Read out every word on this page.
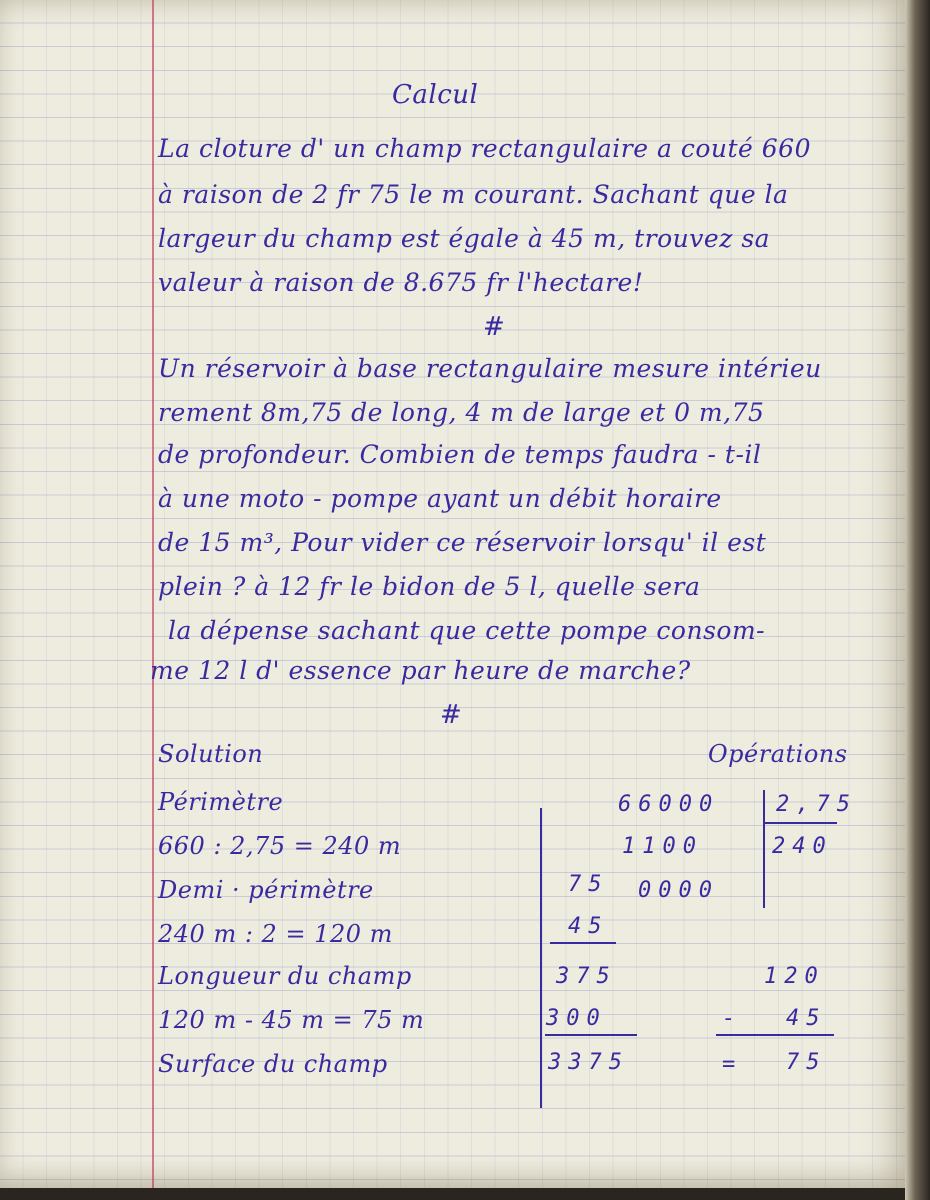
Calcul
La cloture d' un champ rectangulaire a couté 660
à raison de 2 fr 75 le m courant. Sachant que la
largeur du champ est égale à 45 m, trouvez sa
valeur à raison de 8.675 fr l'hectare!
#
Un réservoir à base rectangulaire mesure intérieu
rement 8m,75 de long, 4 m de large et 0 m,75
de profondeur. Combien de temps faudra - t-il
à une moto - pompe ayant un débit horaire
de 15 m³, Pour vider ce réservoir lorsqu' il est
plein ? à 12 fr le bidon de 5 l, quelle sera
la dépense sachant que cette pompe consom-
me 12 l d' essence par heure de marche?
#
Solution
Périmètre
660 : 2,75 = 240 m
Demi · périmètre
240 m : 2 = 120 m
Longueur du champ
120 m - 45 m = 75 m
Surface du champ
Opérations
66000	2,75
1100	240
0000
75
45
375
300
3375
120
- 45
= 75
